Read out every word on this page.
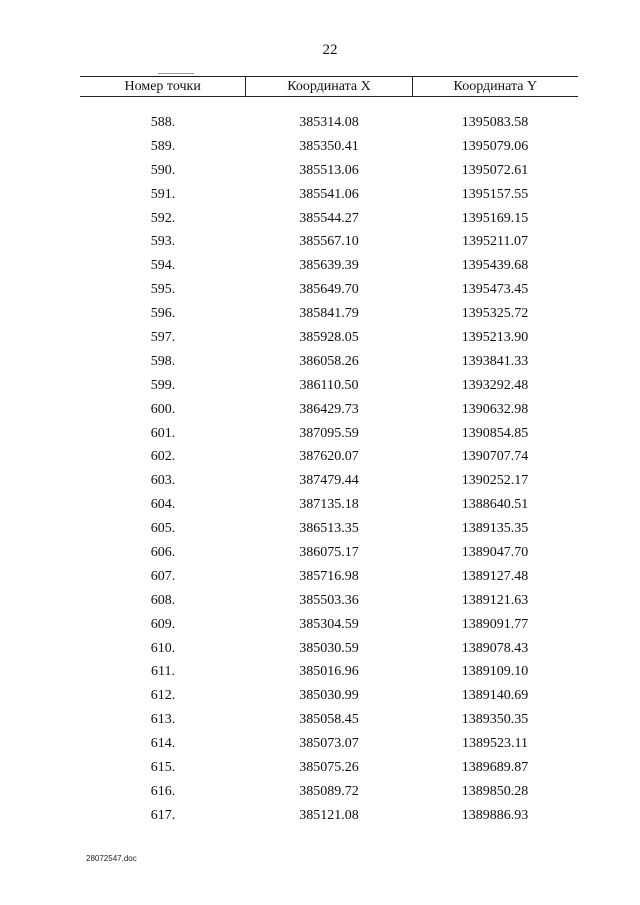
22
Номер точки	Координата X	Координата Y
588.	385314.08	1395083.58
589.	385350.41	1395079.06
590.	385513.06	1395072.61
591.	385541.06	1395157.55
592.	385544.27	1395169.15
593.	385567.10	1395211.07
594.	385639.39	1395439.68
595.	385649.70	1395473.45
596.	385841.79	1395325.72
597.	385928.05	1395213.90
598.	386058.26	1393841.33
599.	386110.50	1393292.48
600.	386429.73	1390632.98
601.	387095.59	1390854.85
602.	387620.07	1390707.74
603.	387479.44	1390252.17
604.	387135.18	1388640.51
605.	386513.35	1389135.35
606.	386075.17	1389047.70
607.	385716.98	1389127.48
608.	385503.36	1389121.63
609.	385304.59	1389091.77
610.	385030.59	1389078.43
611.	385016.96	1389109.10
612.	385030.99	1389140.69
613.	385058.45	1389350.35
614.	385073.07	1389523.11
615.	385075.26	1389689.87
616.	385089.72	1389850.28
617.	385121.08	1389886.93
28072547.doc
